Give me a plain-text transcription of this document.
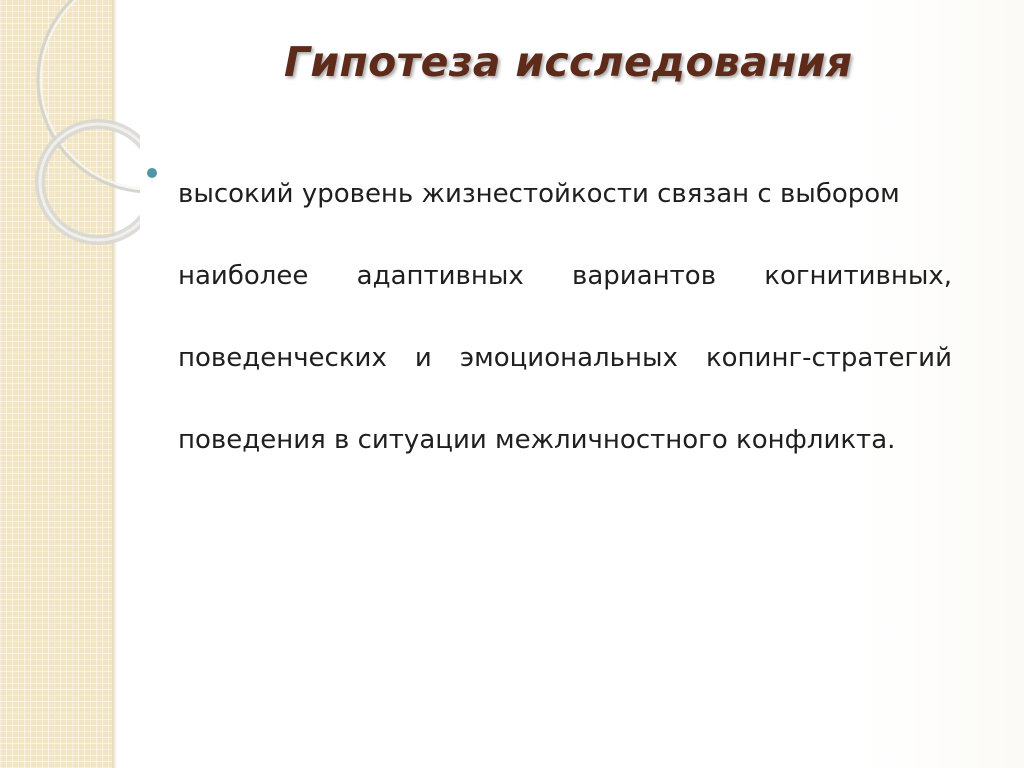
Гипотеза исследования
высокий уровень жизнестойкости связан с выбором
наиболее адаптивных вариантов когнитивных,
поведенческих и эмоциональных копинг-стратегий
поведения в ситуации межличностного конфликта.
